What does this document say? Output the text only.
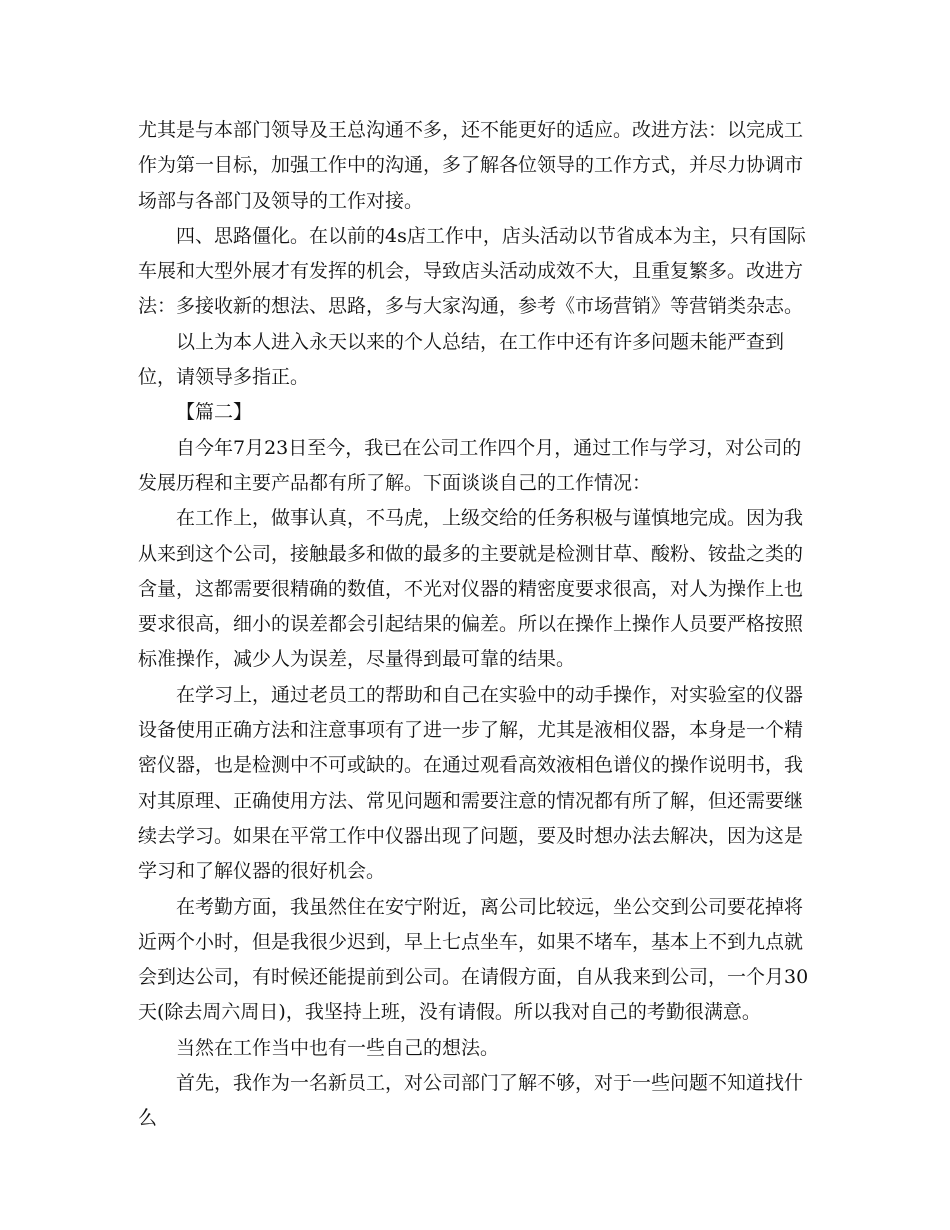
尤其是与本部门领导及王总沟通不多，还不能更好的适应。改进方法：以完成工作为第一目标，加强工作中的沟通，多了解各位领导的工作方式，并尽力协调市场部与各部门及领导的工作对接。

四、思路僵化。在以前的4s店工作中，店头活动以节省成本为主，只有国际车展和大型外展才有发挥的机会，导致店头活动成效不大，且重复繁多。改进方法：多接收新的想法、思路，多与大家沟通，参考《市场营销》等营销类杂志。

以上为本人进入永天以来的个人总结，在工作中还有许多问题未能严查到位，请领导多指正。

【篇二】

自今年7月23日至今，我已在公司工作四个月，通过工作与学习，对公司的发展历程和主要产品都有所了解。下面谈谈自己的工作情况：

在工作上，做事认真，不马虎，上级交给的任务积极与谨慎地完成。因为我从来到这个公司，接触最多和做的最多的主要就是检测甘草、酸粉、铵盐之类的含量，这都需要很精确的数值，不光对仪器的精密度要求很高，对人为操作上也要求很高，细小的误差都会引起结果的偏差。所以在操作上操作人员要严格按照标准操作，减少人为误差，尽量得到最可靠的结果。

在学习上，通过老员工的帮助和自己在实验中的动手操作，对实验室的仪器设备使用正确方法和注意事项有了进一步了解，尤其是液相仪器，本身是一个精密仪器，也是检测中不可或缺的。在通过观看高效液相色谱仪的操作说明书，我对其原理、正确使用方法、常见问题和需要注意的情况都有所了解，但还需要继续去学习。如果在平常工作中仪器出现了问题，要及时想办法去解决，因为这是学习和了解仪器的很好机会。

在考勤方面，我虽然住在安宁附近，离公司比较远，坐公交到公司要花掉将近两个小时，但是我很少迟到，早上七点坐车，如果不堵车，基本上不到九点就会到达公司，有时候还能提前到公司。在请假方面，自从我来到公司，一个月30天(除去周六周日)，我坚持上班，没有请假。所以我对自己的考勤很满意。

当然在工作当中也有一些自己的想法。

首先，我作为一名新员工，对公司部门了解不够，对于一些问题不知道找什么
